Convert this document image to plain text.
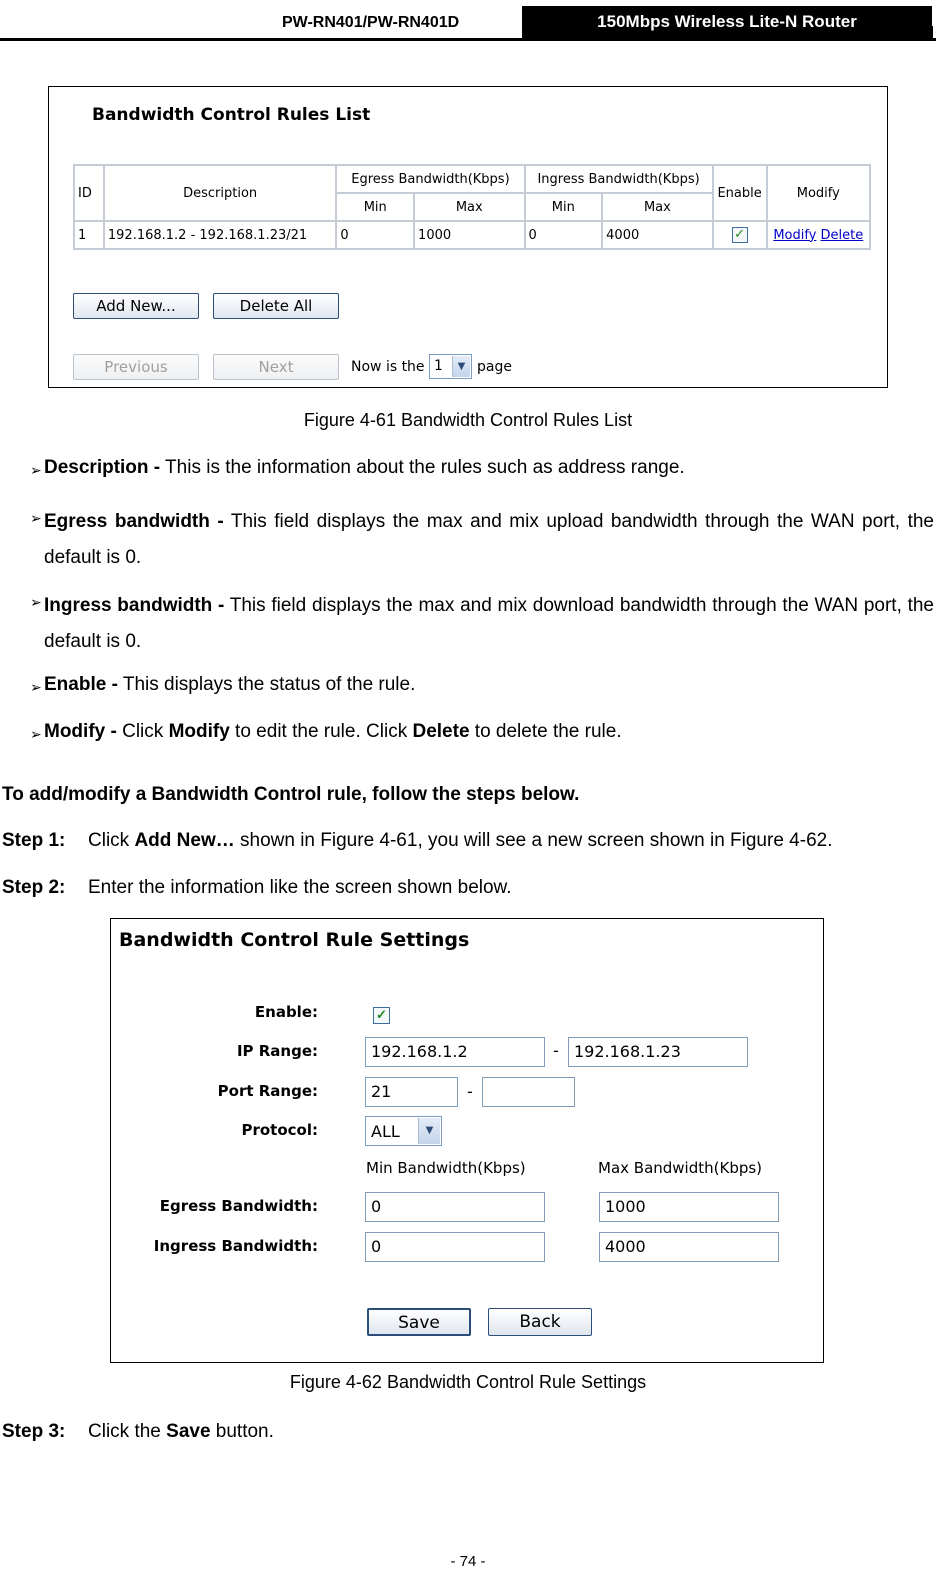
PW-RN401/PW-RN401D	150Mbps Wireless Lite-N Router
Bandwidth Control Rules List
ID	Description	Egress Bandwidth(Kbps)		Ingress Bandwidth(Kbps)		Enable	Modify
		Min	Max	Min	Max		
1	192.168.1.2 - 192.168.1.23/21	0	1000	0	4000	✓	Modify Delete
Add New...	Delete All
Previous	Next	Now is the 1	▼ page
Figure 4-61 Bandwidth Control Rules List
➢ Description - This is the information about the rules such as address range.
➢ Egress bandwidth - This field displays the max and mix upload bandwidth through the WAN port, the default is 0.
➢ Ingress bandwidth - This field displays the max and mix download bandwidth through the WAN port, the default is 0.
➢ Enable - This displays the status of the rule.
➢ Modify - Click Modify to edit the rule. Click Delete to delete the rule.
To add/modify a Bandwidth Control rule, follow the steps below.
Step 1: Click Add New… shown in Figure 4-61, you will see a new screen shown in Figure 4-62.
Step 2: Enter the information like the screen shown below.
Bandwidth Control Rule Settings
Enable:	✓
IP Range:	192.168.1.2	- 192.168.1.23
Port Range:	21	-
Protocol:	ALL	▼
Min Bandwidth(Kbps)	Max Bandwidth(Kbps)
Egress Bandwidth:	0	1000
Ingress Bandwidth:	0	4000
Save	Back
Figure 4-62 Bandwidth Control Rule Settings
Step 3: Click the Save button.
- 74 -
